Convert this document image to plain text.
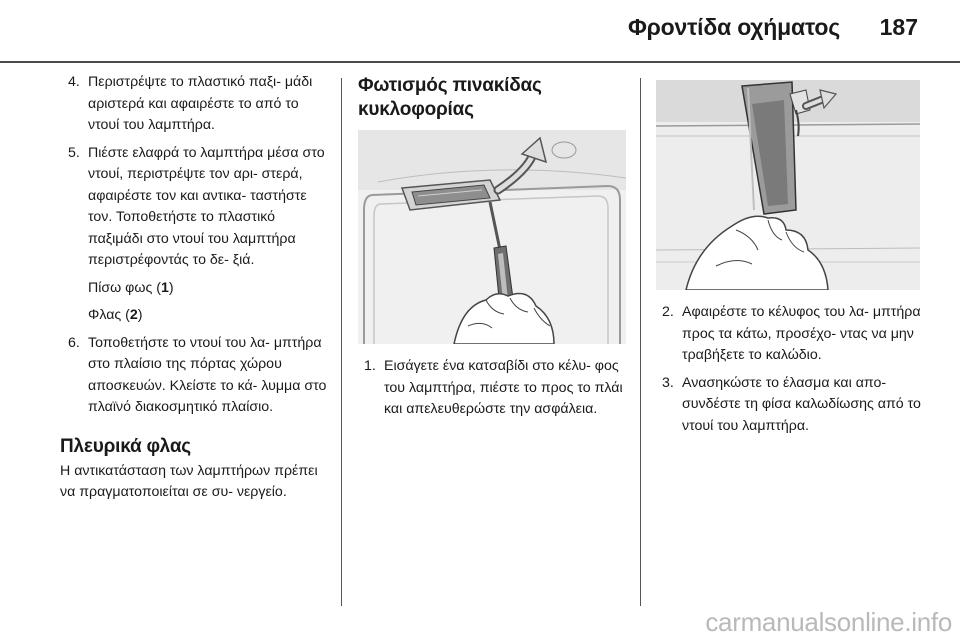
Φροντίδα οχήματος 187
4. Περιστρέψτε το πλαστικό παξι- μάδι αριστερά και αφαιρέστε το από το ντουί του λαμπτήρα.
5. Πιέστε ελαφρά το λαμπτήρα μέσα στο ντουί, περιστρέψτε τον αρι- στερά, αφαιρέστε τον και αντικα- ταστήστε τον. Τοποθετήστε το πλαστικό παξιμάδι στο ντουί του λαμπτήρα περιστρέφοντάς το δε- ξιά.
Πίσω φως (1)
Φλας (2)
6. Τοποθετήστε το ντουί του λα- μπτήρα στο πλαίσιο της πόρτας χώρου αποσκευών. Κλείστε το κά- λυμμα στο πλαϊνό διακοσμητικό πλαίσιο.
Πλευρικά φλας
Η αντικατάσταση των λαμπτήρων πρέπει να πραγματοποιείται σε συ- νεργείο.
Φωτισμός πινακίδας
κυκλοφορίας
1. Εισάγετε ένα κατσαβίδι στο κέλυ- φος του λαμπτήρα, πιέστε το προς το πλάι και απελευθερώστε την ασφάλεια.
2. Αφαιρέστε το κέλυφος του λα- μπτήρα προς τα κάτω, προσέχο- ντας να μην τραβήξετε το καλώδιο.
3. Ανασηκώστε το έλασμα και απο- συνδέστε τη φίσα καλωδίωσης από το ντουί του λαμπτήρα.
carmanualsonline.info
